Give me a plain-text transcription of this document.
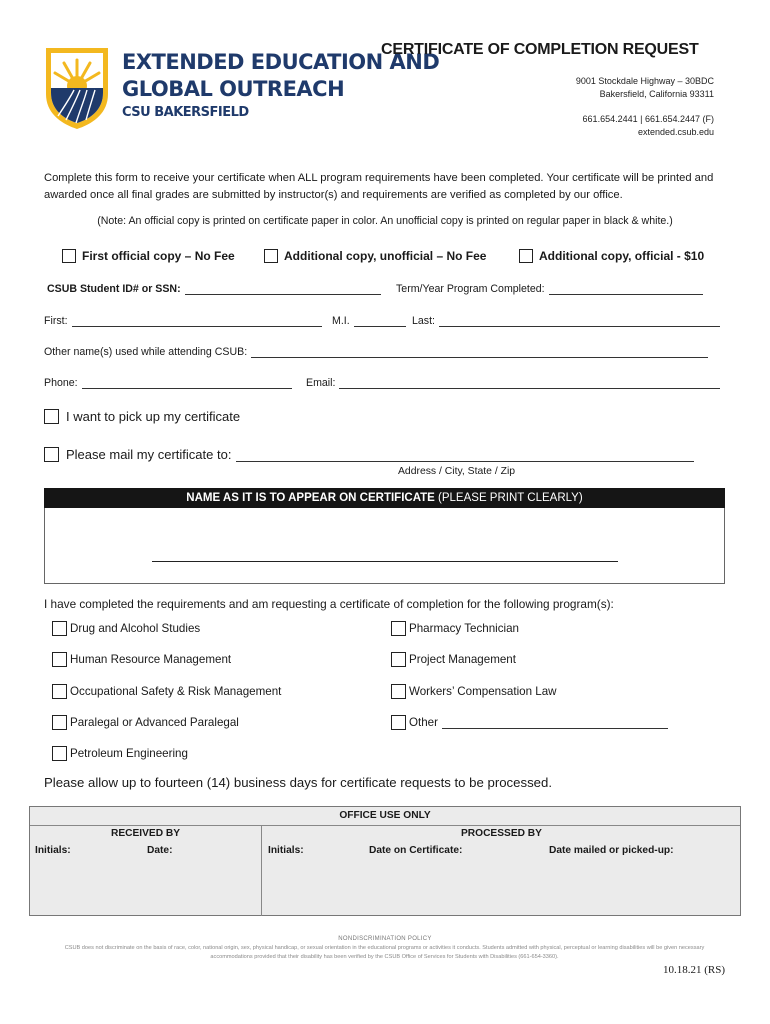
EXTENDED EDUCATION AND
GLOBAL OUTREACH
CSU BAKERSFIELD
CERTIFICATE OF COMPLETION REQUEST
9001 Stockdale Highway – 30BDC
Bakersfield, California 93311
661.654.2441 | 661.654.2447 (F)
extended.csub.edu
Complete this form to receive your certificate when ALL program requirements have been completed. Your certificate will be printed and awarded once all final grades are submitted by instructor(s) and requirements are verified as completed by our office.
(Note: An official copy is printed on certificate paper in color. An unofficial copy is printed on regular paper in black & white.)
First official copy – No Fee	Additional copy, unofficial – No Fee	Additional copy, official - $10
CSUB Student ID# or SSN:	Term/Year Program Completed:
First:	M.I.	Last:
Other name(s) used while attending CSUB:
Phone:	Email:
I want to pick up my certificate
Please mail my certificate to:
Address / City, State / Zip
NAME AS IT IS TO APPEAR ON CERTIFICATE (PLEASE PRINT CLEARLY)
I have completed the requirements and am requesting a certificate of completion for the following program(s):
Drug and Alcohol Studies
Human Resource Management
Occupational Safety & Risk Management
Paralegal or Advanced Paralegal
Petroleum Engineering
Pharmacy Technician
Project Management
Workers’ Compensation Law
Other
Please allow up to fourteen (14) business days for certificate requests to be processed.
OFFICE USE ONLY
RECEIVED BY
Initials:	Date:
PROCESSED BY
Initials:	Date on Certificate:	Date mailed or picked-up:
NONDISCRIMINATION POLICY
CSUB does not discriminate on the basis of race, color, national origin, sex, physical handicap, or sexual orientation in the educational programs or activities it conducts. Students admitted with physical, perceptual or learning disabilities will be given necessary accommodations provided that their disability has been verified by the CSUB Office of Services for Students with Disabilities (661-654-3360).
10.18.21 (RS)
